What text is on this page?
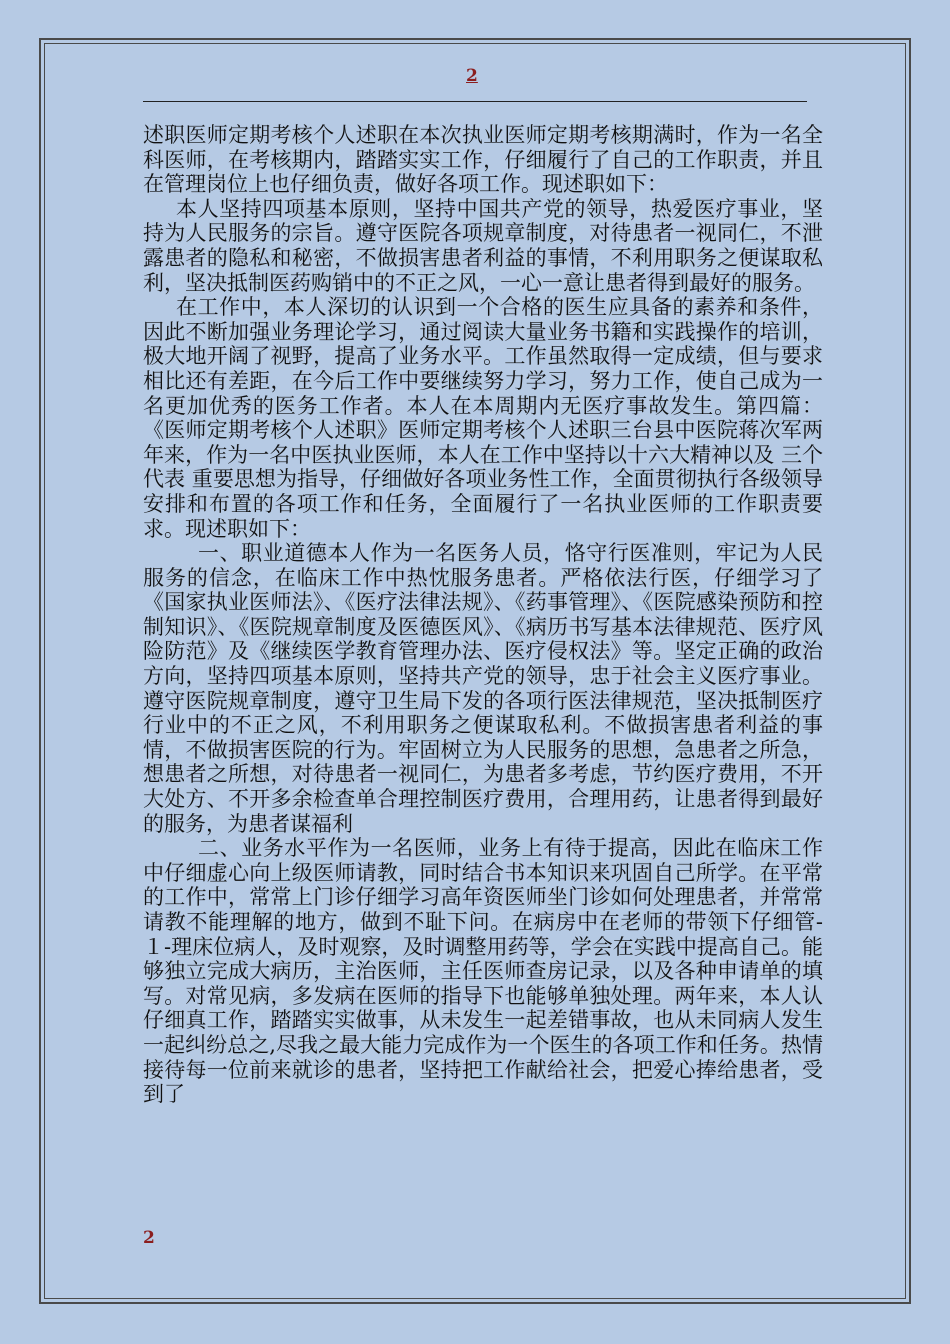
2

述职医师定期考核个人述职在本次执业医师定期考核期满时，作为一名全科医师，在考核期内，踏踏实实工作，仔细履行了自己的工作职责，并且在管理岗位上也仔细负责，做好各项工作。现述职如下：

本人坚持四项基本原则，坚持中国共产党的领导，热爱医疗事业，坚持为人民服务的宗旨。遵守医院各项规章制度，对待患者一视同仁，不泄露患者的隐私和秘密，不做损害患者利益的事情，不利用职务之便谋取私利，坚决抵制医药购销中的不正之风，一心一意让患者得到最好的服务。

在工作中，本人深切的认识到一个合格的医生应具备的素养和条件，因此不断加强业务理论学习，通过阅读大量业务书籍和实践操作的培训，极大地开阔了视野，提高了业务水平。工作虽然取得一定成绩，但与要求相比还有差距，在今后工作中要继续努力学习，努力工作，使自己成为一名更加优秀的医务工作者。本人在本周期内无医疗事故发生。第四篇：《医师定期考核个人述职》医师定期考核个人述职三台县中医院蒋次军两年来，作为一名中医执业医师，本人在工作中坚持以十六大精神以及 三个代表 重要思想为指导，仔细做好各项业务性工作，全面贯彻执行各级领导安排和布置的各项工作和任务，全面履行了一名执业医师的工作职责要求。现述职如下：

一、职业道德本人作为一名医务人员，恪守行医准则，牢记为人民服务的信念，在临床工作中热忱服务患者。严格依法行医，仔细学习了《国家执业医师法》、《医疗法律法规》、《药事管理》、《医院感染预防和控制知识》、《医院规章制度及医德医风》、《病历书写基本法律规范、医疗风险防范》及《继续医学教育管理办法、医疗侵权法》等。坚定正确的政治方向，坚持四项基本原则，坚持共产党的领导，忠于社会主义医疗事业。遵守医院规章制度，遵守卫生局下发的各项行医法律规范，坚决抵制医疗行业中的不正之风，不利用职务之便谋取私利。不做损害患者利益的事情，不做损害医院的行为。牢固树立为人民服务的思想，急患者之所急，想患者之所想，对待患者一视同仁，为患者多考虑，节约医疗费用，不开大处方、不开多余检查单合理控制医疗费用，合理用药，让患者得到最好的服务，为患者谋福利

二、业务水平作为一名医师，业务上有待于提高，因此在临床工作中仔细虚心向上级医师请教，同时结合书本知识来巩固自己所学。在平常的工作中，常常上门诊仔细学习高年资医师坐门诊如何处理患者，并常常请教不能理解的地方，做到不耻下问。在病房中在老师的带领下仔细管-１-理床位病人，及时观察，及时调整用药等，学会在实践中提高自己。能够独立完成大病历，主治医师，主任医师查房记录，以及各种申请单的填写。对常见病，多发病在医师的指导下也能够单独处理。两年来，本人认仔细真工作，踏踏实实做事，从未发生一起差错事故，也从未同病人发生一起纠纷总之,尽我之最大能力完成作为一个医生的各项工作和任务。热情接待每一位前来就诊的患者，坚持把工作献给社会，把爱心捧给患者，受到了

2
